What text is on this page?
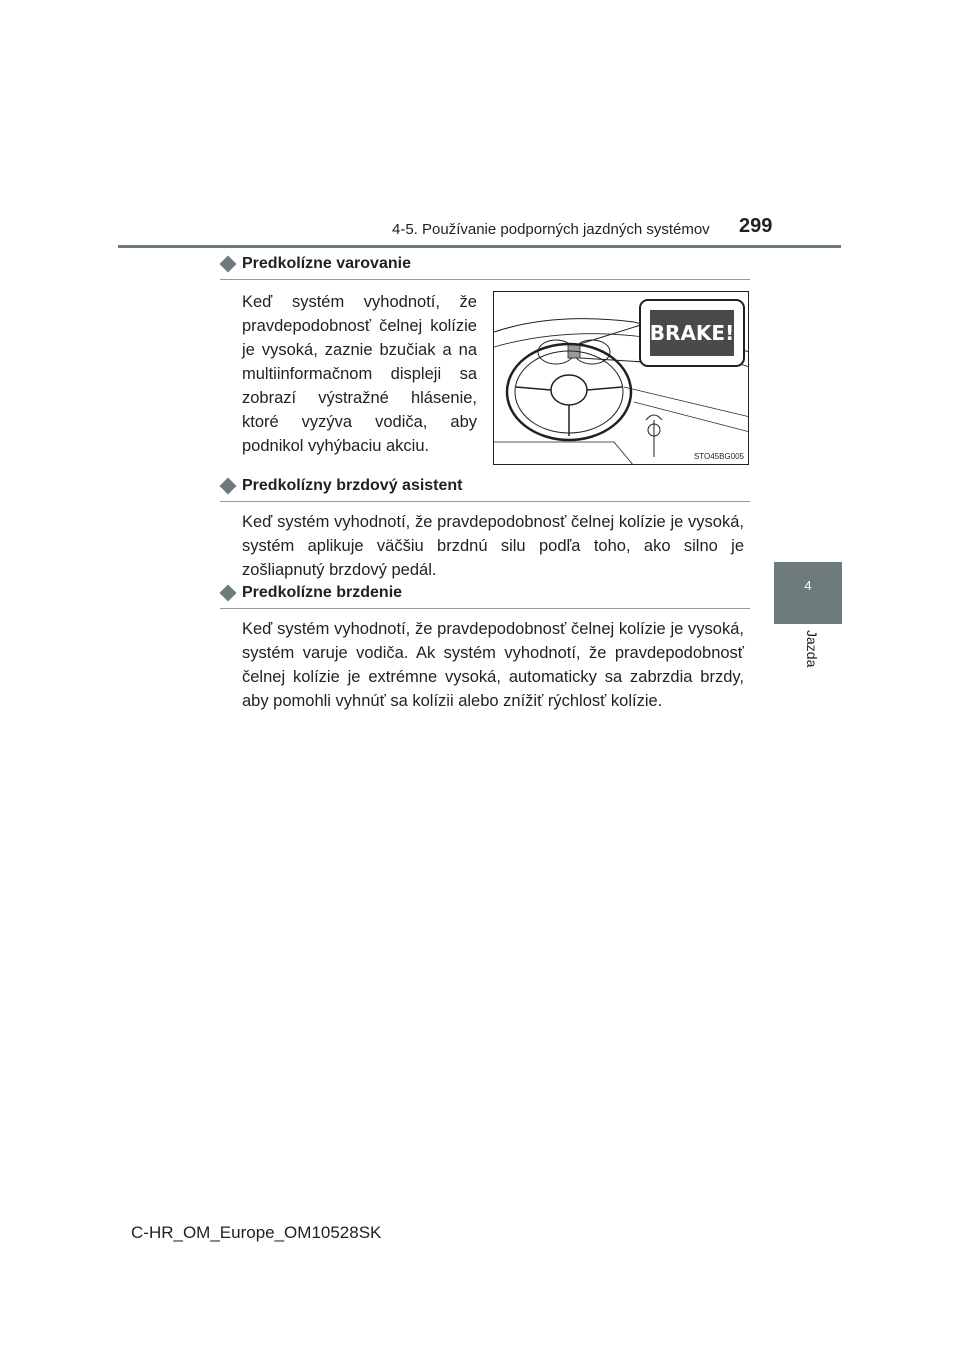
4-5. Používanie podporných jazdných systémov 299
4
Jazda
Predkolízne varovanie
Keď systém vyhodnotí, že pravdepodobnosť čelnej kolízie je vysoká, zaznie bzučiak a na multiinformačnom displeji sa zobrazí výstražné hlásenie, ktoré vyzýva vodiča, aby podnikol vyhýbaciu akciu.
BRAKE!
STO45BG005
Predkolízny brzdový asistent
Keď systém vyhodnotí, že pravdepodobnosť čelnej kolízie je vysoká, systém aplikuje väčšiu brzdnú silu podľa toho, ako silno je zošliapnutý brzdový pedál.
Predkolízne brzdenie
Keď systém vyhodnotí, že pravdepodobnosť čelnej kolízie je vysoká, systém varuje vodiča. Ak systém vyhodnotí, že pravdepodobnosť čelnej kolízie je extrémne vysoká, automaticky sa zabrzdia brzdy, aby pomohli vyhnúť sa kolízii alebo znížiť rýchlosť kolízie.
C-HR_OM_Europe_OM10528SK
